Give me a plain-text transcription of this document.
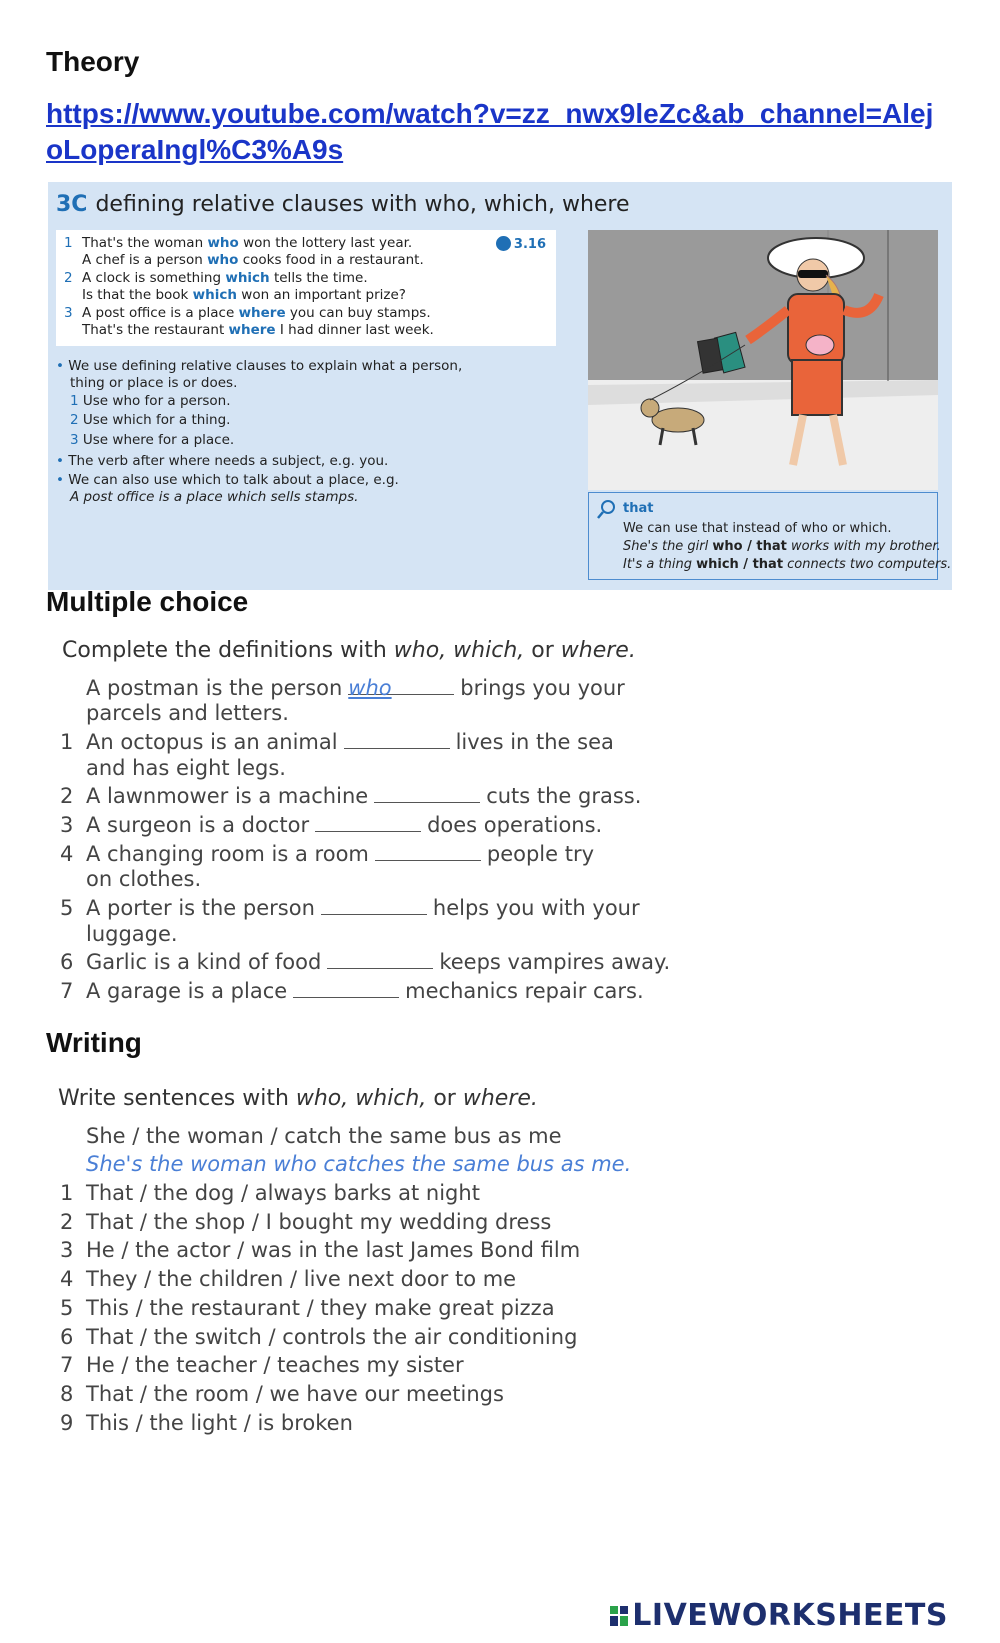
Theory
https://www.youtube.com/watch?v=zz_nwx9leZc&ab_channel=AlejoLoperaIngl%C3%A9s
3C defining relative clauses with who, which, where
3.16
1 That's the woman who won the lottery last year.
A chef is a person who cooks food in a restaurant.
2 A clock is something which tells the time.
Is that the book which won an important prize?
3 A post office is a place where you can buy stamps.
That's the restaurant where I had dinner last week.
• We use defining relative clauses to explain what a person,
thing or place is or does.
1 Use who for a person.
2 Use which for a thing.
3 Use where for a place.
• The verb after where needs a subject, e.g. you.
• We can also use which to talk about a place, e.g.
A post office is a place which sells stamps.
that
We can use that instead of who or which.
She's the girl who / that works with my brother.
It's a thing which / that connects two computers.
Multiple choice
Complete the definitions with who, which, or where.
A postman is the person who	brings you your
parcels and letters.
1 An octopus is an animal	lives in the sea
and has eight legs.
2 A lawnmower is a machine	cuts the grass.
3 A surgeon is a doctor	does operations.
4 A changing room is a room	people try
on clothes.
5 A porter is the person	helps you with your
luggage.
6 Garlic is a kind of food	keeps vampires away.
7 A garage is a place	mechanics repair cars.
Writing
Write sentences with who, which, or where.
She / the woman / catch the same bus as me
She's the woman who catches the same bus as me.
1 That / the dog / always barks at night
2 That / the shop / I bought my wedding dress
3 He / the actor / was in the last James Bond film
4 They / the children / live next door to me
5 This / the restaurant / they make great pizza
6 That / the switch / controls the air conditioning
7 He / the teacher / teaches my sister
8 That / the room / we have our meetings
9 This / the light / is broken
LIVEWORKSHEETS
